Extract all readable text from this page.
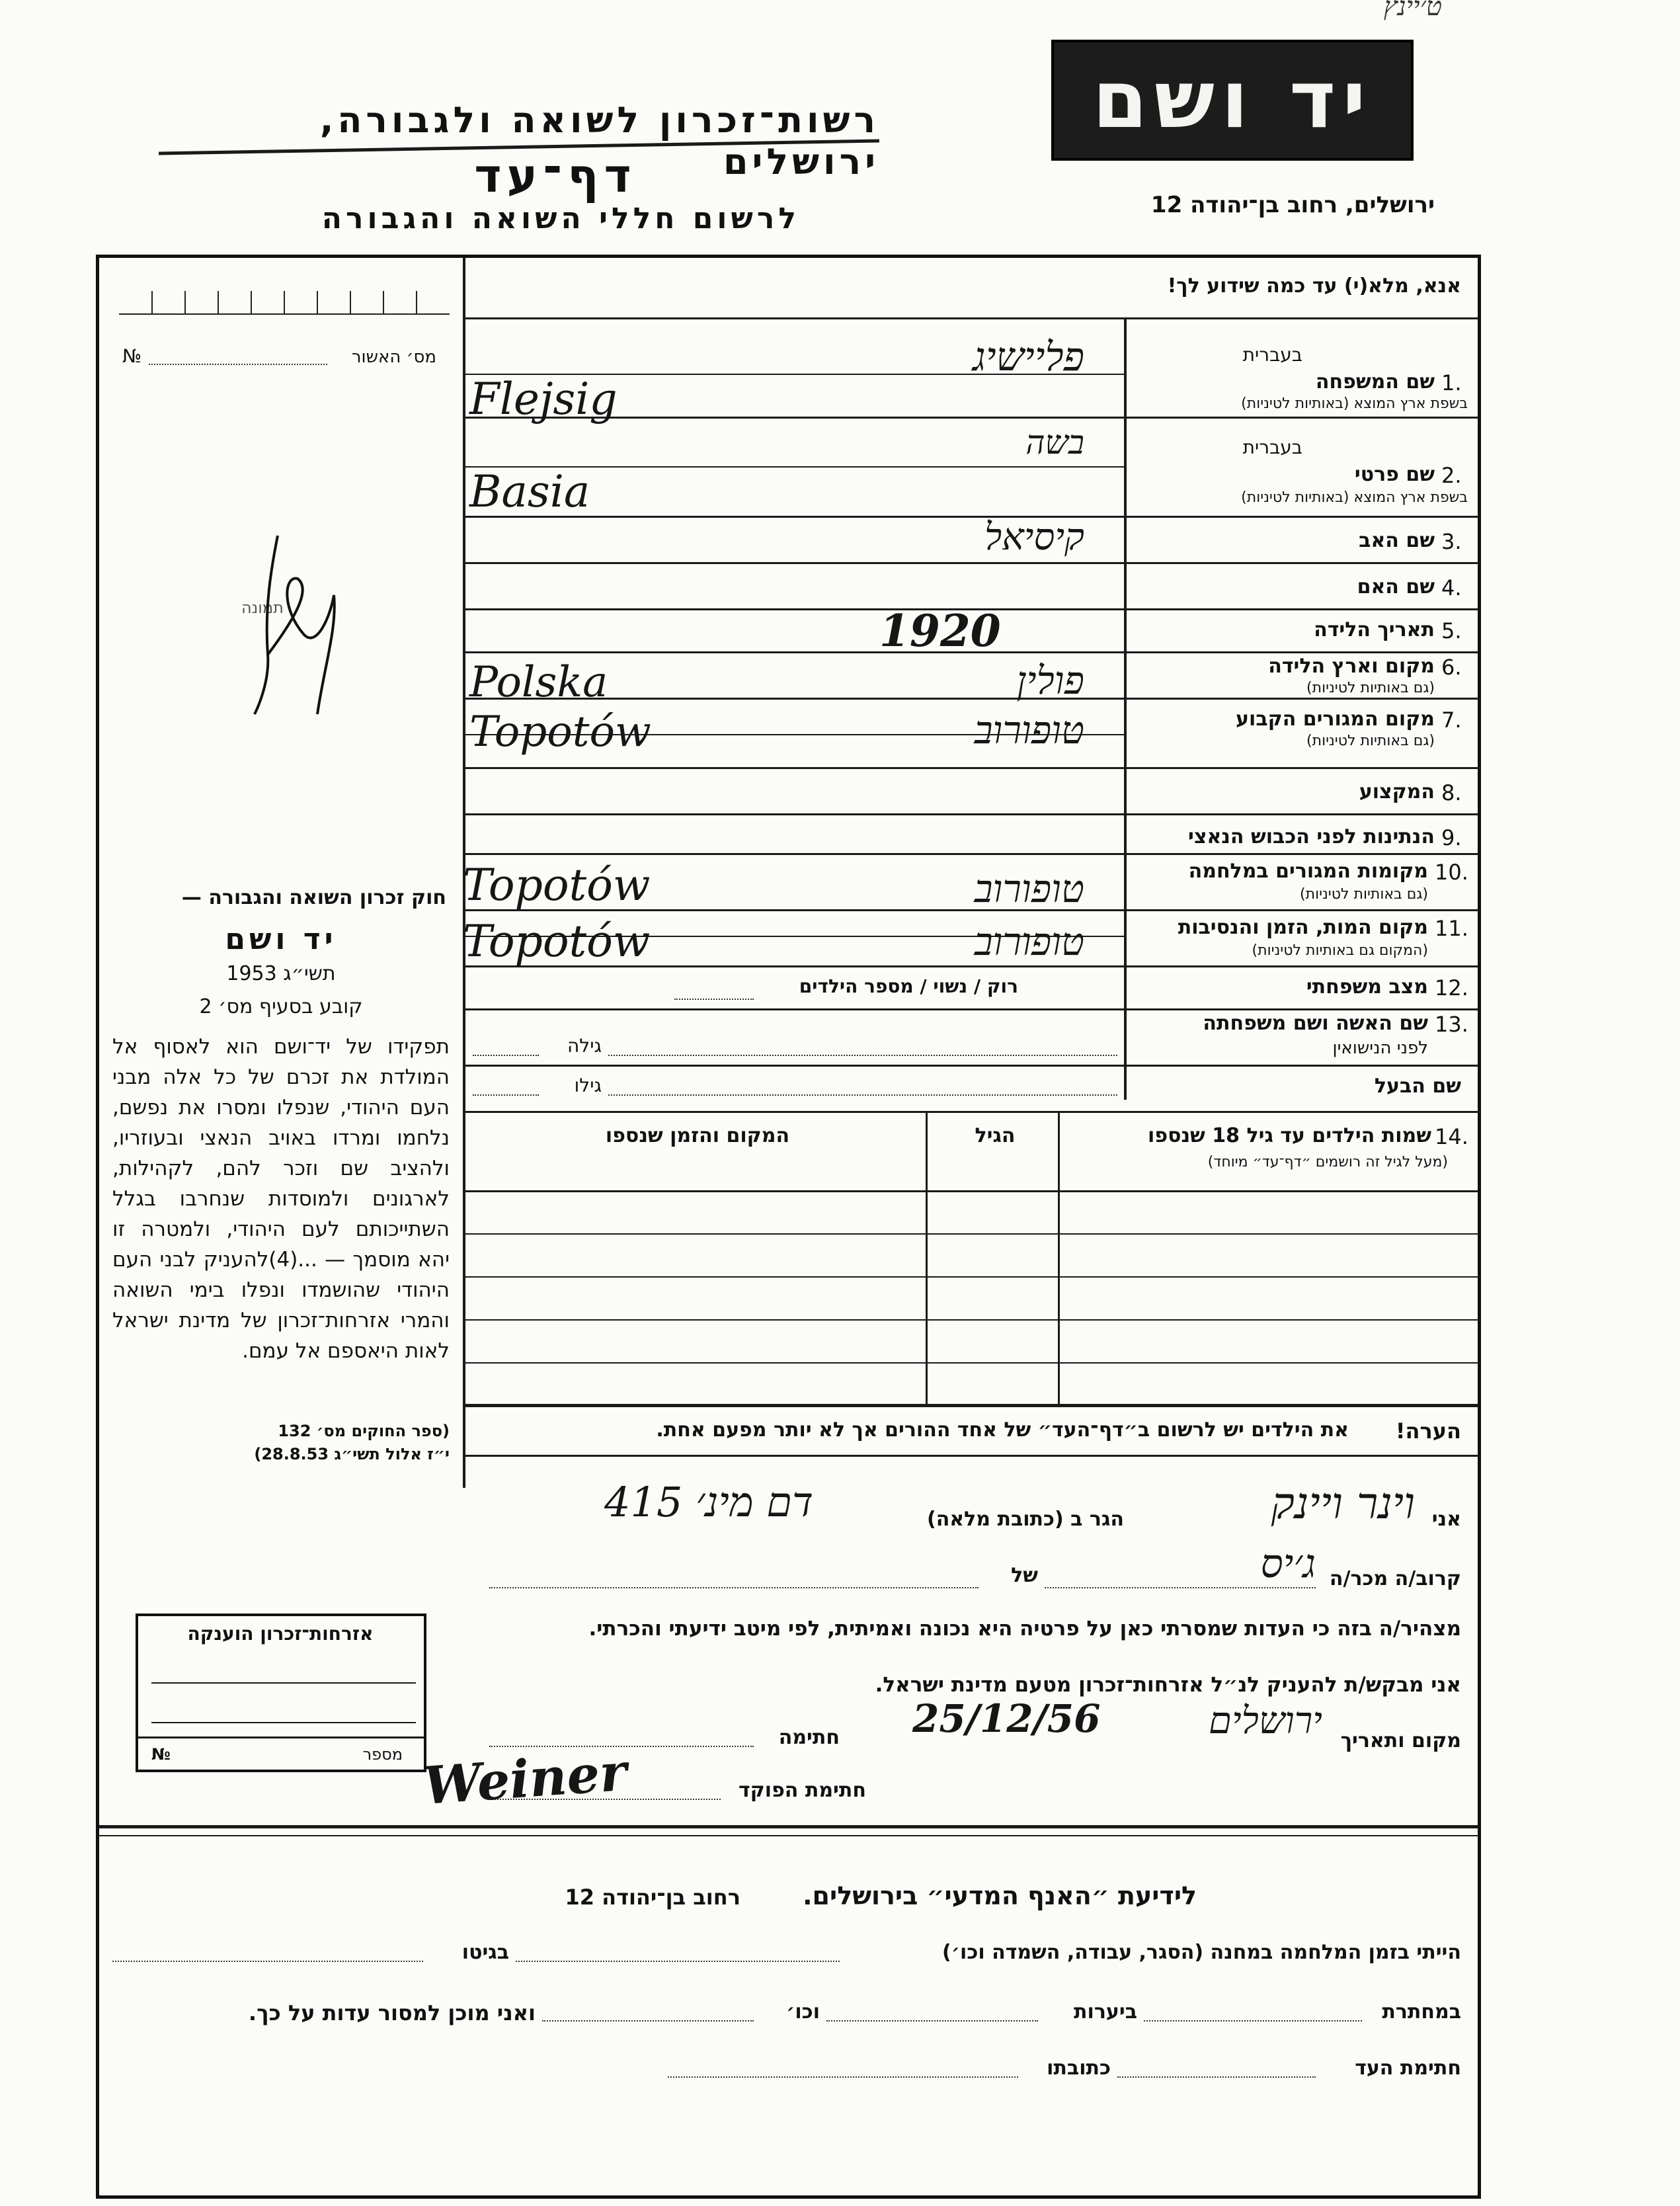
ט׳יינץ
רשות־זכרון לשואה ולגבורה, ירושלים
דף־עד
לרשום חללי השואה והגבורה
יד ושם
ירושלים, רחוב בן־יהודה 12
אנא, מלא(י) עד כמה שידוע לך!
מס׳ האשור
№
תמונה
חוק זכרון השואה והגבורה —
יד ושם
תשי״ג 1953
קובע בסעיף מס׳ 2
תפקידו של יד־ושם הוא לאסוף אל המולדת את זכרם של כל אלה מבני העם היהודי, שנפלו ומסרו את נפשם, נלחמו ומרדו באויב הנאצי ובעוזריו, ולהציב שם וזכר להם, לקהילות, לארגונים ולמוסדות שנחרבו בגלל השתייכותם לעם היהודי, ולמטרה זו יהא מוסמך — ...(4)להעניק לבני העם היהודי שהושמדו ונפלו בימי השואה והמרי אזרחות־זכרון של מדינת ישראל לאות היאספם אל עמם.
(ספר החוקים מס׳ 132
י״ז אלול תשי״ג 28.8.53)
בעברית
1.
שם המשפחה
בשפת ארץ המוצא (באותיות לטיניות)
פליישיג
Flejsig
בעברית
2.
שם פרטי
בשפת ארץ המוצא (באותיות לטיניות)
בשה
Basia
3.
שם האב
קיסיאל
4.
שם האם
5.
תאריך הלידה
1920
6.
מקום וארץ הלידה
(גם באותיות לטיניות)
פולין
Polska
7.
מקום המגורים הקבוע
(גם באותיות לטיניות)
טופורוב
Topotów
8.
המקצוע
9.
הנתינות לפני הכבוש הנאצי
10.
מקומות המגורים במלחמה
(גם באותיות לטיניות)
טופורוב
Topotów
11.
מקום המות, הזמן והנסיבות
(המקום גם באותיות לטיניות)
טופורוב
Topotów
12.
מצב משפחתי
רוק / נשוי / מספר הילדים
13.
שם האשה ושם משפחתה
לפני הנישואין
גילה
שם הבעל
גילו
14.
שמות הילדים עד גיל 18 שנספו
(מעל לגיל זה רושמים ״דף־עד״ מיוחד)
הגיל
המקום והזמן שנספו
הערה!
את הילדים יש לרשום ב״דף־העד״ של אחד ההורים אך לא יותר מפעם אחת.
אני
וינר ויינק
הגר ב (כתובת מלאה)
דם מינ׳ 415
קרוב/ה מכר/ה
ג׳יס
של
מצהיר/ה בזה כי העדות שמסרתי כאן על פרטיה היא נכונה ואמיתית, לפי מיטב ידיעתי והכרתי.
אני מבקש/ת להעניק לנ״ל אזרחות־זכרון מטעם מדינת ישראל.
מקום ותאריך
ירושלים
25/12/56
חתימה
חתימת הפוקד
Weiner
אזרחות־זכרון הוענקה
מספר
№
לידיעת ״האנף המדעי״ בירושלים.
רחוב בן־יהודה 12
הייתי בזמן המלחמה במחנה (הסגר, עבודה, השמדה וכו׳)
בגיטו
במחתרת
ביערות
וכו׳
ואני מוכן למסור עדות על כך.
חתימת העד
כתובתו
